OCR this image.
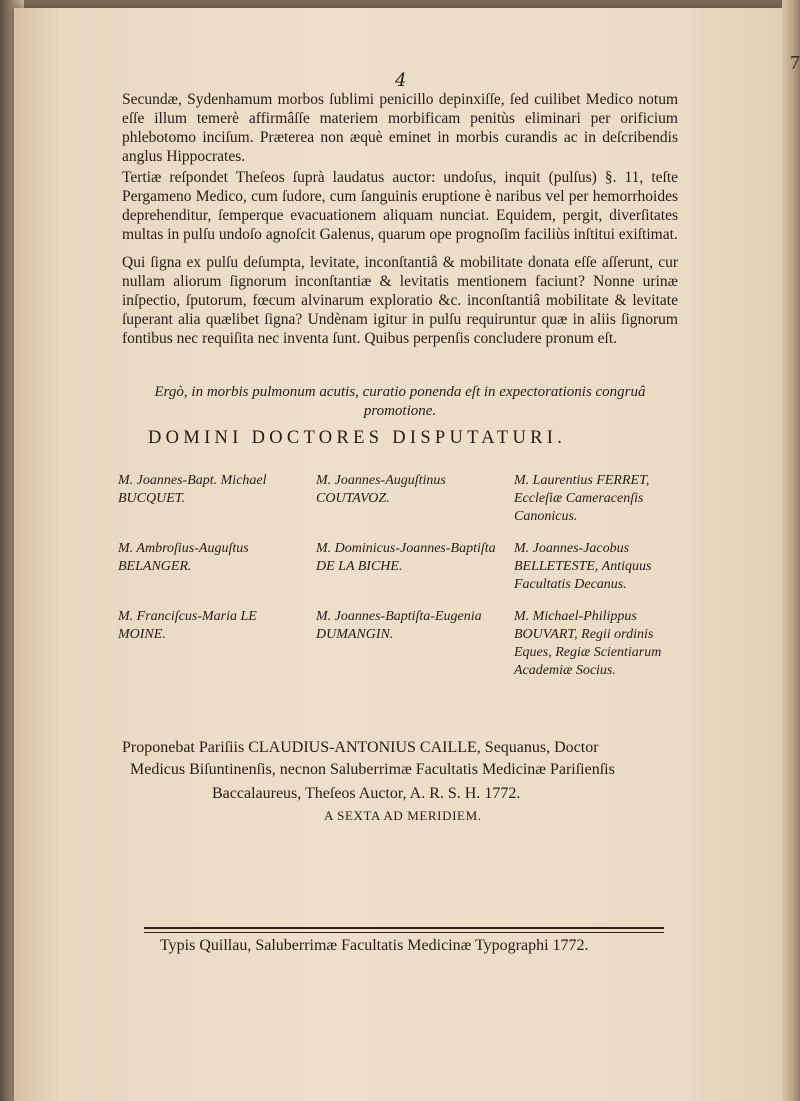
7
4

Secundæ, Sydenhamum morbos ſublimi penicillo depinxiſſe, ſed cuilibet Medico notum eſſe illum temerè affirmâſſe materiem morbificam penitùs eliminari per orificium phlebotomo inciſum. Præterea non æquè eminet in morbis curandis ac in deſcribendis anglus Hippocrates.

Tertiæ reſpondet Theſeos ſuprà laudatus auctor: undoſus, inquit (pulſus) §. 11, teſte Pergameno Medico, cum ſudore, cum ſanguinis eruptione è naribus vel per hemorrhoides deprehenditur, ſemperque evacuationem aliquam nunciat. Equidem, pergit, diverſitates multas in pulſu undoſo agnoſcit Galenus, quarum ope prognoſim faciliùs inſtitui exiſtimat.

Qui ſigna ex pulſu deſumpta, levitate, inconſtantiâ & mobilitate donata eſſe aſſerunt, cur nullam aliorum ſignorum inconſtantiæ & levitatis mentionem faciunt? Nonne urinæ inſpectio, ſputorum, fœcum alvinarum exploratio &c. inconſtantiâ mobilitate & levitate ſuperant alia quælibet ſigna? Undènam igitur in pulſu requiruntur quæ in aliis ſignorum fontibus nec requiſita nec inventa ſunt. Quibus perpenſis concludere pronum eſt.

Ergò, in morbis pulmonum acutis, curatio ponenda eſt in expectorationis congruâ promotione.

DOMINI DOCTORES DISPUTATURI.
M. Joannes-Bapt. Michael BUCQUET.
M. Joannes-Auguſtinus COUTAVOZ.
M. Laurentius FERRET, Eccleſiæ Cameracenſis Canonicus.
M. Ambroſius-Auguſtus BELANGER.
M. Dominicus-Joannes-Baptiſta DE LA BICHE.
M. Joannes-Jacobus BELLETESTE, Antiquus Facultatis Decanus.
M. Franciſcus-Maria LE MOINE.
M. Joannes-Baptiſta-Eugenia DUMANGIN.
M. Michael-Philippus BOUVART, Regii ordinis Eques, Regiæ Scientiarum Academiæ Socius.
Proponebat Pariſiis CLAUDIUS-ANTONIUS CAILLE, Sequanus, Doctor
Medicus Biſuntinenſis, necnon Saluberrimæ Facultatis Medicinæ Pariſienſis
Baccalaureus, Theſeos Auctor, A. R. S. H. 1772.
A SEXTA AD MERIDIEM.
Typis Quillau, Saluberrimæ Facultatis Medicinæ Typographi 1772.
